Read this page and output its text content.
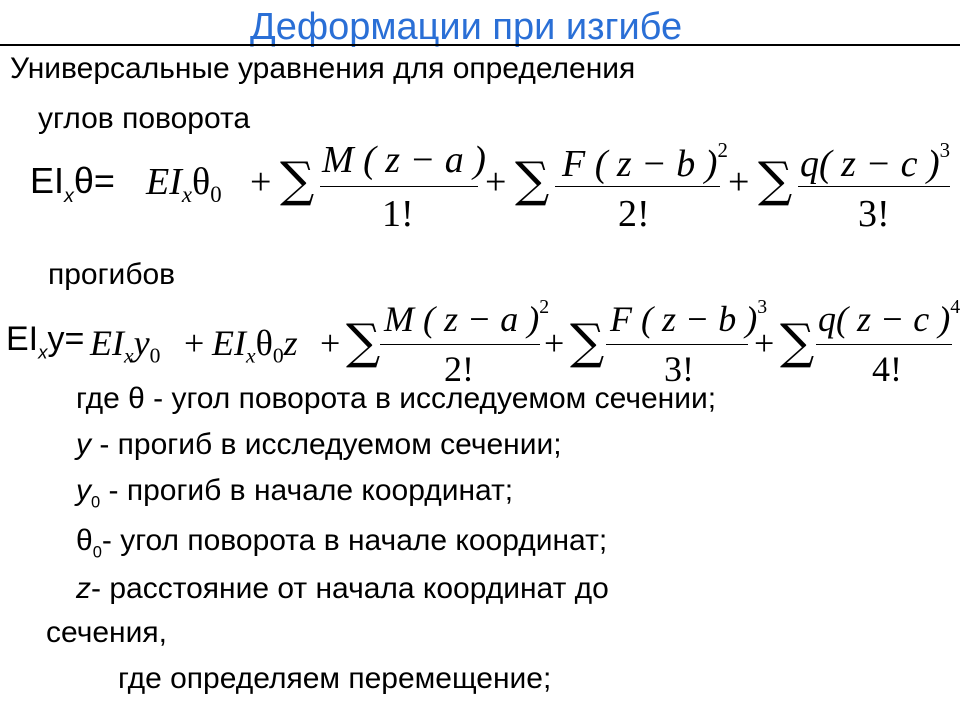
Деформации при изгибе
Универсальные уравнения для определения
углов поворота
$EI_x\theta= EI_x\theta_0$ + ∑ M ( z − a )
1!
+ ∑ F ( z − b )$^2$
2!
+ ∑ q( z − c )$^3$
3!
прогибов
$EI_xy= EI_xy_0 + EI_x\theta_0z$ + ∑ M ( z − a )$^2$
2!
+ ∑ F ( z − b )$^3$
3!
+ ∑ q( z − c )$^4$
4!
где θ - угол поворота в исследуемом сечении;
y - прогиб в исследуемом сечении;
$y_0$ - прогиб в начале координат;
$\theta_0-$ угол поворота в начале координат;
z- расстояние от начала координат до
сечения,
где определяем перемещение;
